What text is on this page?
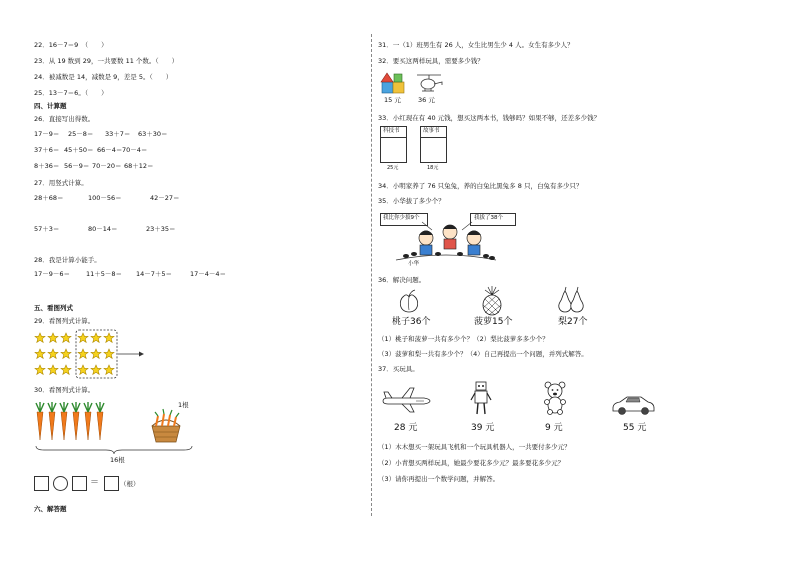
22．16－7＝9　（　　）
23．从 19 数到 29，一共要数 11 个数。（　　）
24．被减数是 14，减数是 9，差是 5。（　　）
25．13－7＝6。（　　）
四、计算题
26．直接写出得数。
17－9＝ 25－8＝ 33＋7＝ 63＋30＝
37＋6＝ 45＋50＝ 66－4＝ 70－4＝
8＋36＝ 56－9＝ 70－20＝ 68＋12＝
27．用竖式计算。
28＋68＝	100－56＝	42－27＝
57＋3＝	80－14＝	23＋35＝
28．我是计算小能手。
17－9－6＝ 11＋5－8＝ 14－7＋5＝	17－4－4＝
五、看图列式
29．看图列式计算。
30．看图列式计算。
1根
16根
＝	（根）
六、解答题
31．一（1）班男生有 26 人，女生比男生少 4 人。女生有多少人？
32．要买这两样玩具，需要多少钱？
15 元	36 元
33．小红现在有 40 元钱，想买这两本书，钱够吗？如果不够，还差多少钱？
科技书	故事书
25元	18元
34．小明家养了 76 只兔兔，养的白兔比黑兔多 8 只，白兔有多少只？
35．小华拔了多少个？
我比你少拔9个	我拔了38个
小华
36．解决问题。
桃子36个	菠萝15个	梨27个
（1）桃子和菠萝一共有多少个？（2）梨比菠萝多多少个？
（3）菠萝和梨一共有多少个？（4）自己再提出一个问题，并列式解答。
37．买玩具。
28 元	39 元	9 元	55 元
（1）木木想买一架玩具飞机和一个玩具机器人，一共要付多少元？
（2）小青想买两样玩具，她最少要花多少元？最多要花多少元？
（3）请你再提出一个数学问题，并解答。
